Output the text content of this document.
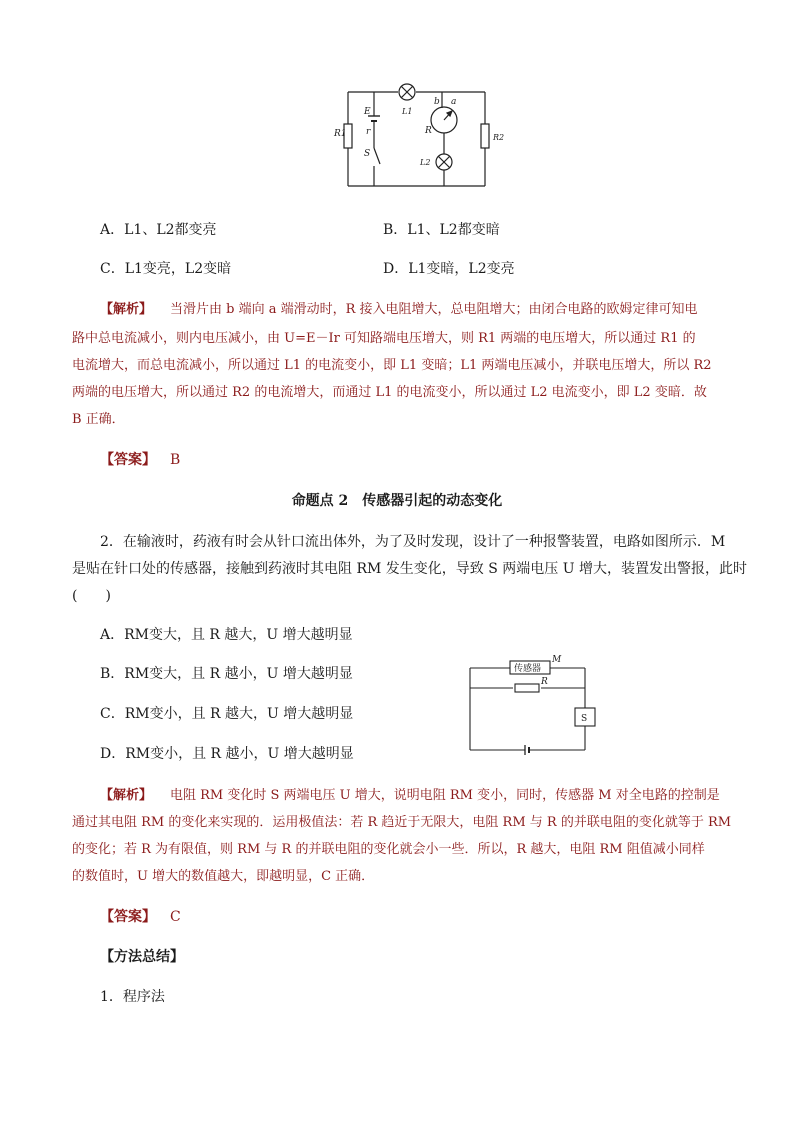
R1
E
r
S
L1
b a
R
R2
L2
A．L1、L2都变亮	B．L1、L2都变暗
C．L1变亮，L2变暗	D．L1变暗，L2变亮
【解析】 当滑片由 b 端向 a 端滑动时，R 接入电阻增大，总电阻增大；由闭合电路的欧姆定律可知电
路中总电流减小，则内电压减小，由 U=E－Ir 可知路端电压增大，则 R1 两端的电压增大，所以通过 R1 的
电流增大，而总电流减小，所以通过 L1 的电流变小，即 L1 变暗；L1 两端电压减小，并联电压增大，所以 R2
两端的电压增大，所以通过 R2 的电流增大，而通过 L1 的电流变小，所以通过 L2 电流变小，即 L2 变暗．故
B 正确．
【答案】 B
命题点 2　传感器引起的动态变化
2．在输液时，药液有时会从针口流出体外，为了及时发现，设计了一种报警装置，电路如图所示．M
是贴在针口处的传感器，接触到药液时其电阻 RM 发生变化，导致 S 两端电压 U 增大，装置发出警报，此时
(　　)
A．RM变大，且 R 越大，U 增大越明显
B．RM变大，且 R 越小，U 增大越明显
C．RM变小，且 R 越大，U 增大越明显
D．RM变小，且 R 越小，U 增大越明显
传感器
M
R
S
【解析】 电阻 RM 变化时 S 两端电压 U 增大，说明电阻 RM 变小，同时，传感器 M 对全电路的控制是
通过其电阻 RM 的变化来实现的．运用极值法：若 R 趋近于无限大，电阻 RM 与 R 的并联电阻的变化就等于 RM
的变化；若 R 为有限值，则 RM 与 R 的并联电阻的变化就会小一些．所以，R 越大，电阻 RM 阻值减小同样
的数值时，U 增大的数值越大，即越明显，C 正确．
【答案】 C
【方法总结】
1．程序法
